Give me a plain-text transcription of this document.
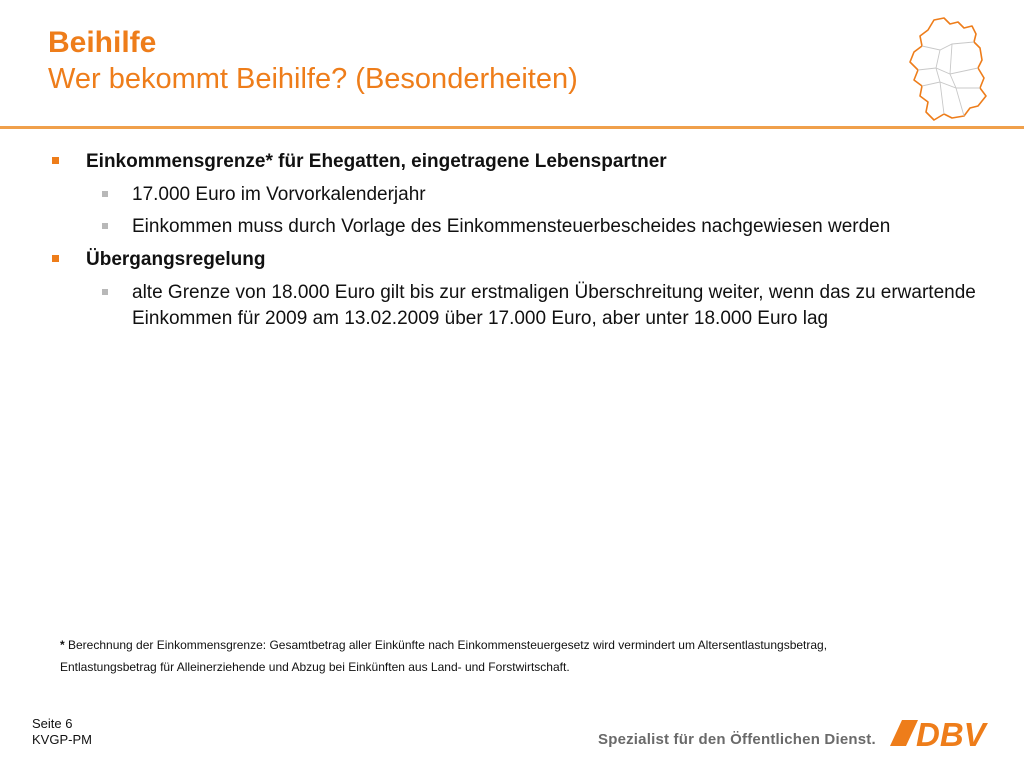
Beihilfe
Wer bekommt Beihilfe? (Besonderheiten)
Einkommensgrenze* für Ehegatten, eingetragene Lebenspartner
17.000 Euro im Vorvorkalenderjahr
Einkommen muss durch Vorlage des Einkommensteuerbescheides nachgewiesen werden
Übergangsregelung
alte Grenze von 18.000 Euro gilt bis zur erstmaligen Überschreitung weiter, wenn das zu erwartende Einkommen für 2009 am 13.02.2009 über 17.000 Euro, aber unter 18.000 Euro lag
* Berechnung der Einkommensgrenze: Gesamtbetrag aller Einkünfte nach Einkommensteuergesetz wird vermindert um Altersentlastungsbetrag, Entlastungsbetrag für Alleinerziehende und Abzug bei Einkünften aus Land- und Forstwirtschaft.
Seite 6
KVGP-PM	Spezialist für den Öffentlichen Dienst. DBV
